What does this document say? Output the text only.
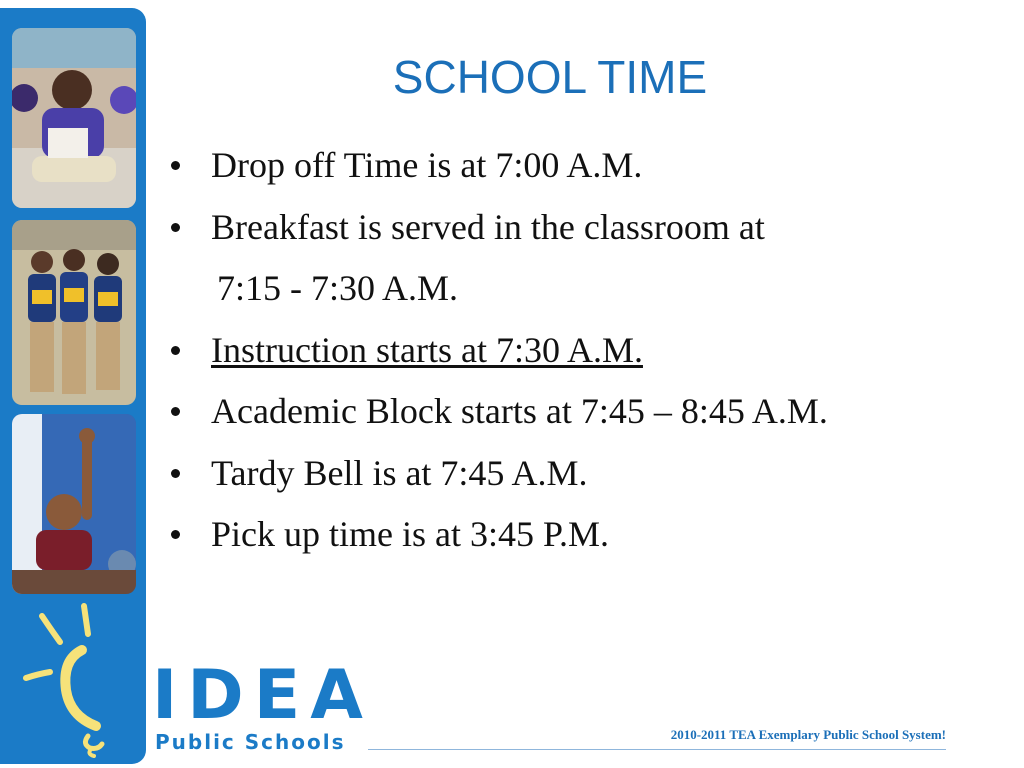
IDEA
Public Schools
SCHOOL TIME
Drop off Time is at 7:00 A.M.
Breakfast is served in the classroom at
7:15 - 7:30 A.M.
Instruction starts at 7:30 A.M.
Academic Block starts at 7:45 – 8:45 A.M.
Tardy Bell is at 7:45 A.M.
Pick up time is at 3:45 P.M.
2010-2011 TEA Exemplary Public School System!
